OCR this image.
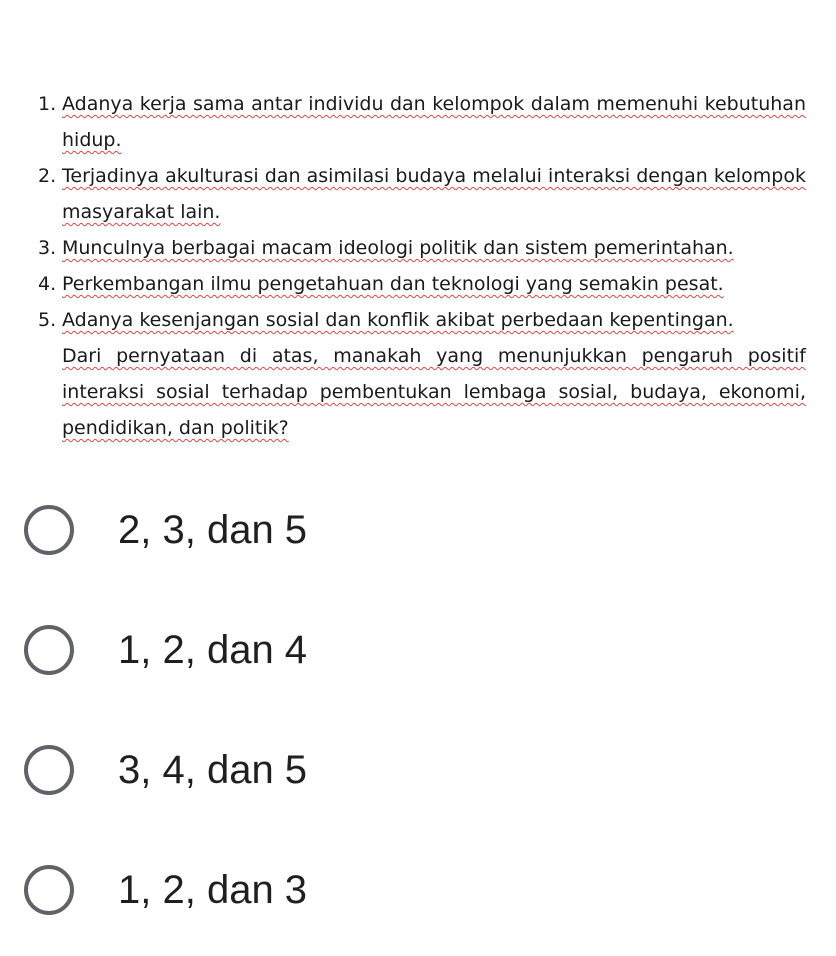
1. Adanya kerja sama antar individu dan kelompok dalam memenuhi kebutuhan hidup.
2. Terjadinya akulturasi dan asimilasi budaya melalui interaksi dengan kelompok masyarakat lain.
3. Munculnya berbagai macam ideologi politik dan sistem pemerintahan.
4. Perkembangan ilmu pengetahuan dan teknologi yang semakin pesat.
5. Adanya kesenjangan sosial dan konflik akibat perbedaan kepentingan.

Dari pernyataan di atas, manakah yang menunjukkan pengaruh positif interaksi sosial terhadap pembentukan lembaga sosial, budaya, ekonomi, pendidikan, dan politik?

2, 3, dan 5
1, 2, dan 4
3, 4, dan 5
1, 2, dan 3
